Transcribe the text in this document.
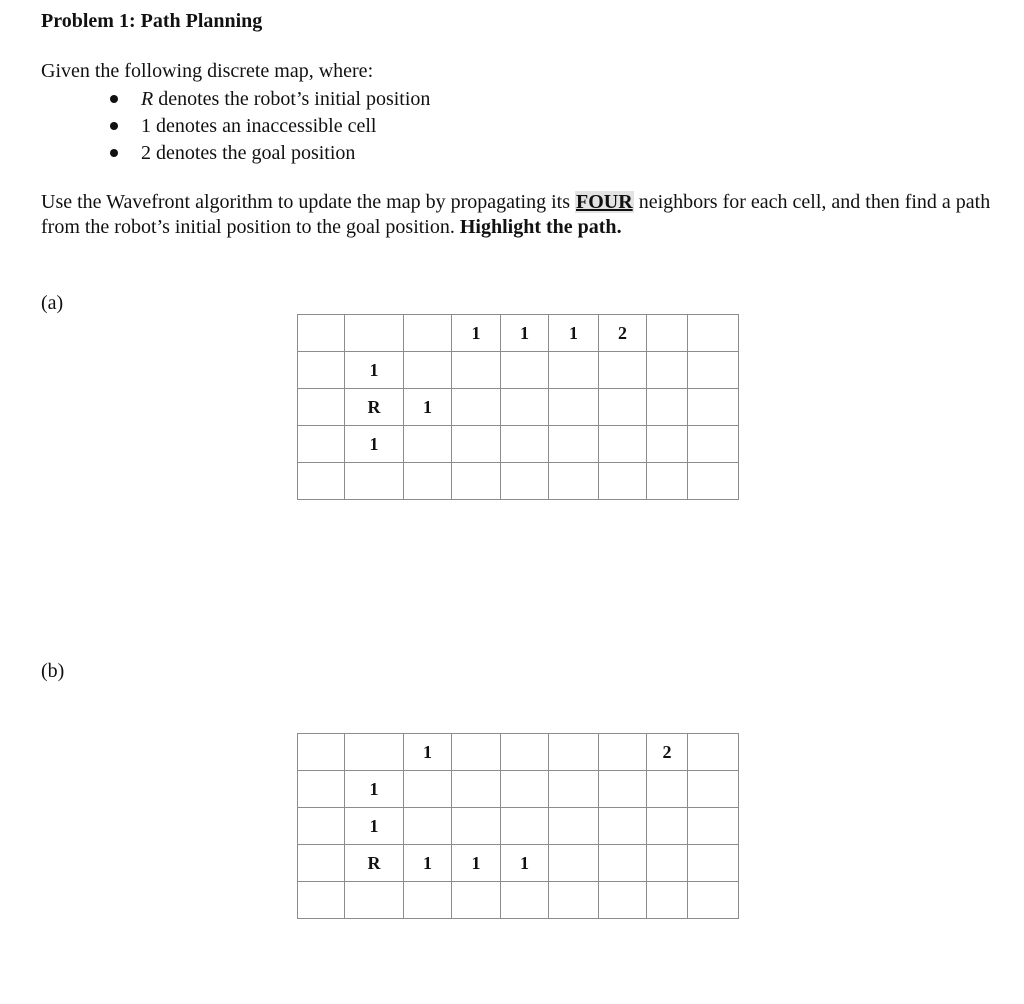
Problem 1: Path Planning
Given the following discrete map, where:
R denotes the robot’s initial position
1 denotes an inaccessible cell
2 denotes the goal position
Use the Wavefront algorithm to update the map by propagating its FOUR neighbors for each cell, and then find a path from the robot’s initial position to the goal position. Highlight the path.
(a)
			1	1	1	2		
	1							
	R	1						
	1							

(b)
		1					2	
	1							
	1							
	R	1	1	1				
